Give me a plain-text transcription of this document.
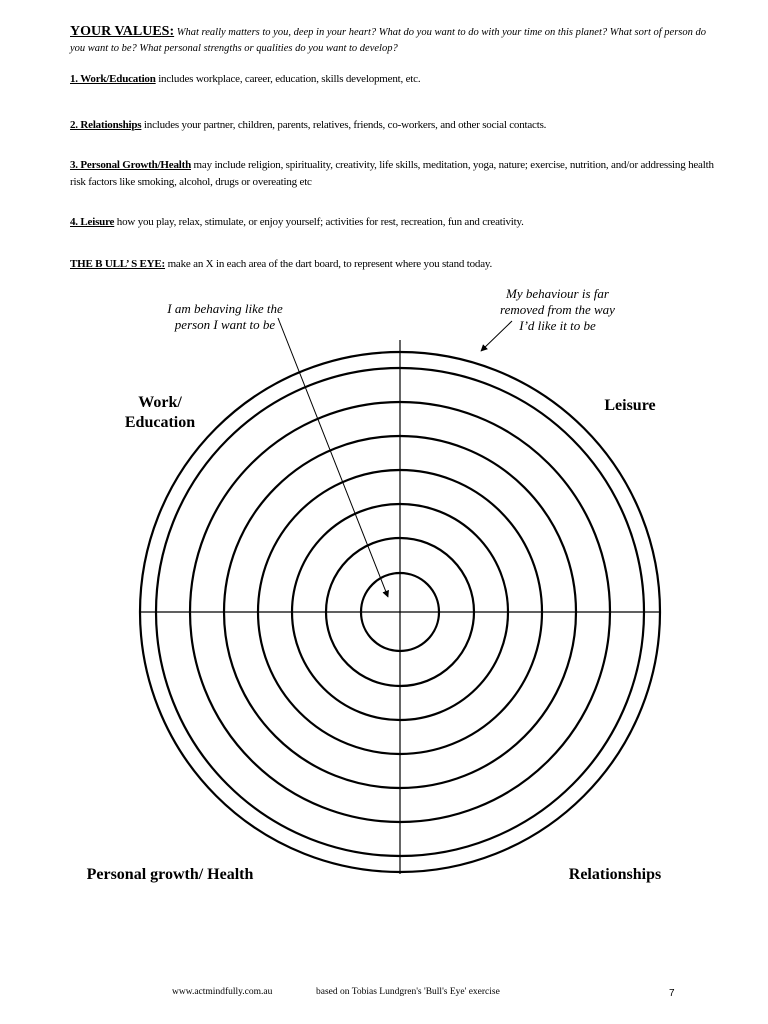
YOUR VALUES: What really matters to you, deep in your heart? What do you want to do with your time on this planet? What sort of person do you want to be? What personal strengths or qualities do you want to develop?
1. Work/Education includes workplace, career, education, skills development, etc.
2. Relationships includes your partner, children, parents, relatives, friends, co-workers, and other social contacts.
3. Personal Growth/Health may include religion, spirituality, creativity, life skills, meditation, yoga, nature; exercise, nutrition, and/or addressing health risk factors like smoking, alcohol, drugs or overeating etc
4. Leisure how you play, relax, stimulate, or enjoy yourself; activities for rest, recreation, fun and creativity.
THE B ULL’ S EYE: make an X in each area of the dart board, to represent where you stand today.
I am behaving like the person I want to be
My behaviour is far removed from the way I’d like it to be
Work/ Education
Leisure
Personal growth/ Health	Relationships
www.actmindfully.com.au	based on Tobias Lundgren's 'Bull's Eye' exercise	7
